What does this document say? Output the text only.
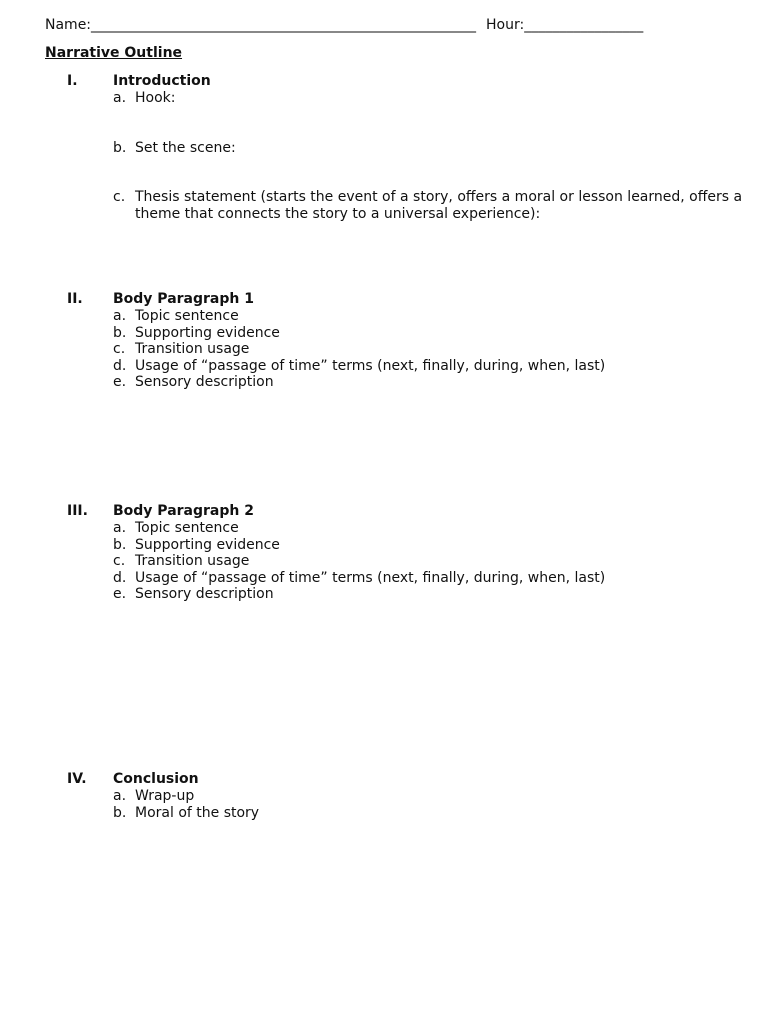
Name:_______________________________________________________ Hour:_________________
Narrative Outline
I.	Introduction
a. Hook:
b. Set the scene:
c. Thesis statement (starts the event of a story, offers a moral or lesson learned, offers a theme that connects the story to a universal experience):
II.	Body Paragraph 1
a. Topic sentence
b. Supporting evidence
c. Transition usage
d. Usage of “passage of time” terms (next, finally, during, when, last)
e. Sensory description
III.	Body Paragraph 2
a. Topic sentence
b. Supporting evidence
c. Transition usage
d. Usage of “passage of time” terms (next, finally, during, when, last)
e. Sensory description
IV.	Conclusion
a. Wrap-up
b. Moral of the story
